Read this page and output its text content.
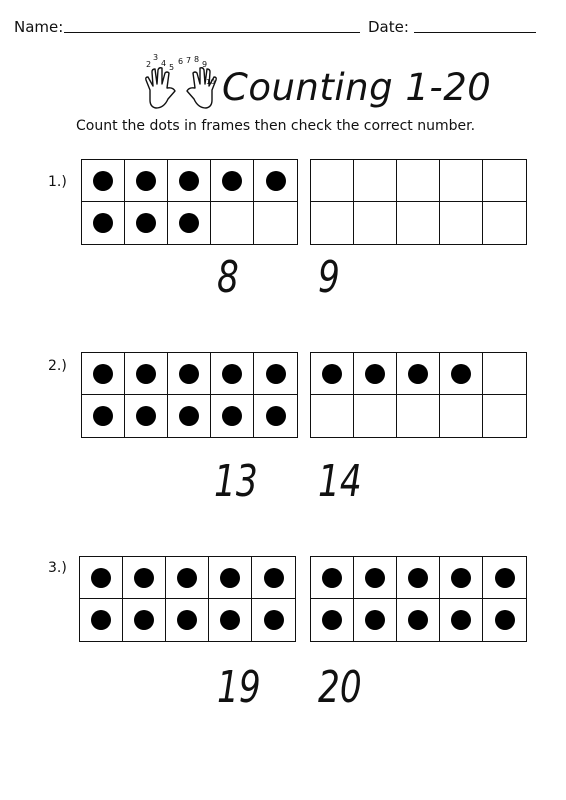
Name:	Date:
2
3
4 5
6 7 8
9
10 Counting 1-20
Count the dots in frames then check the correct number.
1.)
8 9
2.)
13 14
3.)
19 20
